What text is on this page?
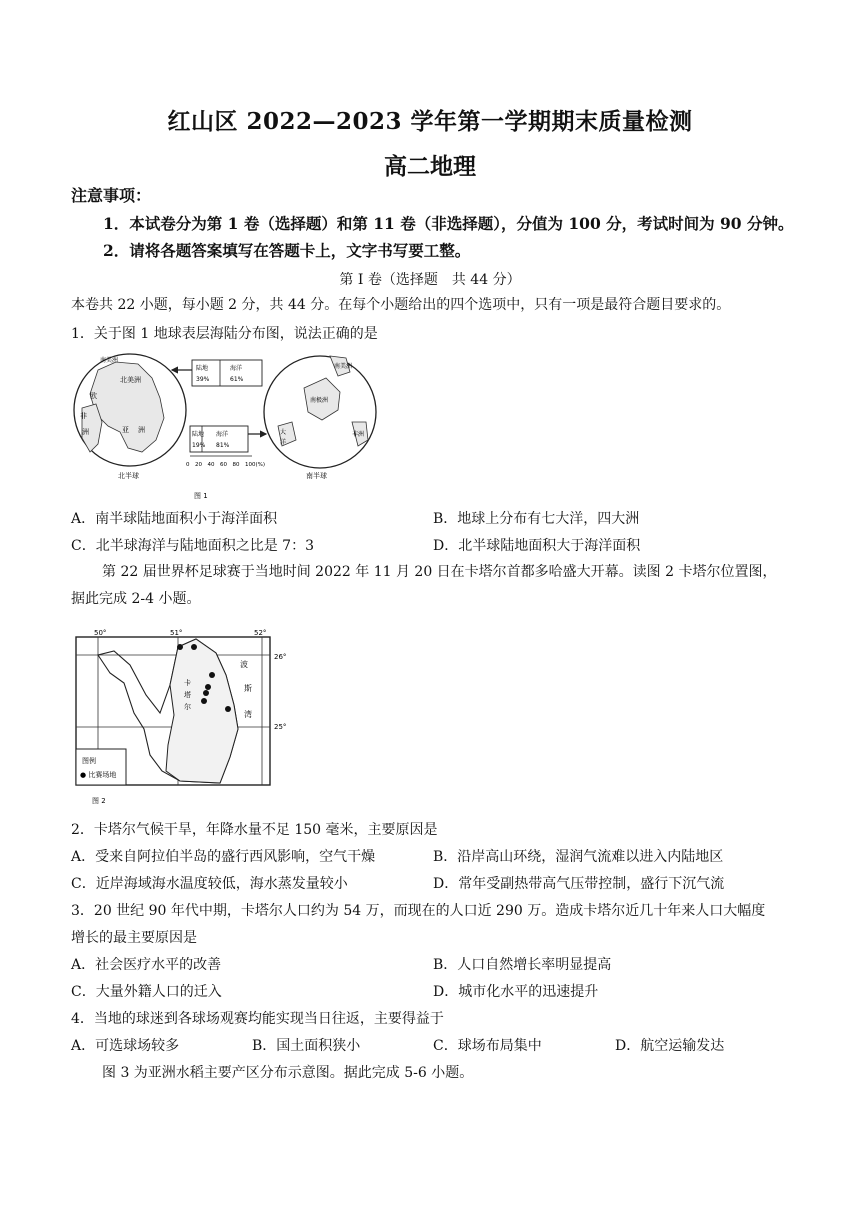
红山区 2022—2023 学年第一学期期末质量检测
高二地理
注意事项：
1．本试卷分为第 1 卷（选择题）和第 11 卷（非选择题），分值为 100 分，考试时间为 90 分钟。
2．请将各题答案填写在答题卡上，文字书写要工整。
第 I 卷（选择题　共 44 分）
本卷共 22 小题，每小题 2 分，共 44 分。在每个小题给出的四个选项中，只有一项是最符合题目要求的。
1．关于图 1 地球表层海陆分布图，说法正确的是
南美洲
北美洲
欧
非
洲	亚 洲
北半球
陆地	海洋
39%	61%
陆地 海洋
19% 81%
0　20　40　60　80　100(%)
南美洲
南极洲
非洲
大
洋
南半球
图 1
A．南半球陆地面积小于海洋面积	B．地球上分布有七大洋，四大洲
C．北半球海洋与陆地面积之比是 7：3	D．北半球陆地面积大于海洋面积
第 22 届世界杯足球赛于当地时间 2022 年 11 月 20 日在卡塔尔首都多哈盛大开幕。读图 2 卡塔尔位置图，
据此完成 2-4 小题。
50°	51°	52°
26°
25°
卡
塔
尔
波
斯
湾
图例
● 比赛场地
图 2
2．卡塔尔气候干旱，年降水量不足 150 毫米，主要原因是
A．受来自阿拉伯半岛的盛行西风影响，空气干燥	B．沿岸高山环绕，湿润气流难以进入内陆地区
C．近岸海域海水温度较低，海水蒸发量较小	D．常年受副热带高气压带控制，盛行下沉气流
3．20 世纪 90 年代中期，卡塔尔人口约为 54 万，而现在的人口近 290 万。造成卡塔尔近几十年来人口大幅度
增长的最主要原因是
A．社会医疗水平的改善	B．人口自然增长率明显提高
C．大量外籍人口的迁入	D．城市化水平的迅速提升
4．当地的球迷到各球场观赛均能实现当日往返，主要得益于
A．可选球场较多	B．国土面积狭小	C．球场布局集中	D．航空运输发达
图 3 为亚洲水稻主要产区分布示意图。据此完成 5-6 小题。
